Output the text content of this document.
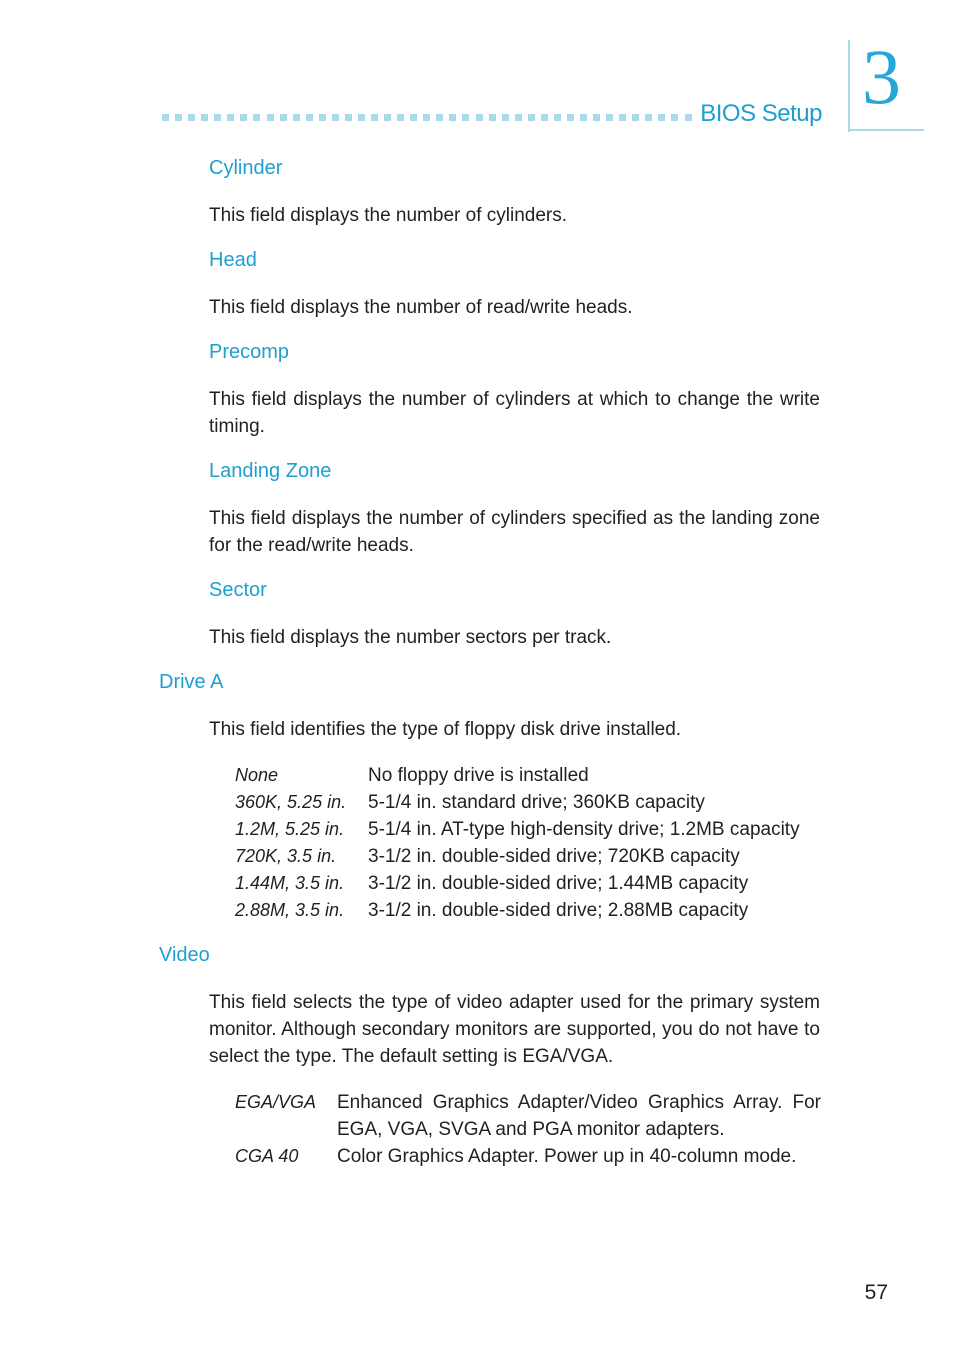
BIOS Setup 3
Cylinder
This field displays the number of cylinders.
Head
This field displays the number of read/write heads.
Precomp
This field displays the number of cylinders at which to change the write timing.
Landing Zone
This field displays the number of cylinders specified as the landing zone for the read/write heads.
Sector
This field displays the number sectors per track.
Drive A
This field identifies the type of floppy disk drive installed.
None	No floppy drive is installed
360K, 5.25 in. 5-1/4 in. standard drive; 360KB capacity
1.2M, 5.25 in. 5-1/4 in. AT-type high-density drive; 1.2MB capacity
720K, 3.5 in. 3-1/2 in. double-sided drive; 720KB capacity
1.44M, 3.5 in. 3-1/2 in. double-sided drive; 1.44MB capacity
2.88M, 3.5 in. 3-1/2 in. double-sided drive; 2.88MB capacity
Video
This field selects the type of video adapter used for the primary system monitor. Although secondary monitors are supported, you do not have to select the type. The default setting is EGA/VGA.
EGA/VGA Enhanced Graphics Adapter/Video Graphics Array. For EGA, VGA, SVGA and PGA monitor adapters.
CGA 40 Color Graphics Adapter. Power up in 40-column mode.
57
